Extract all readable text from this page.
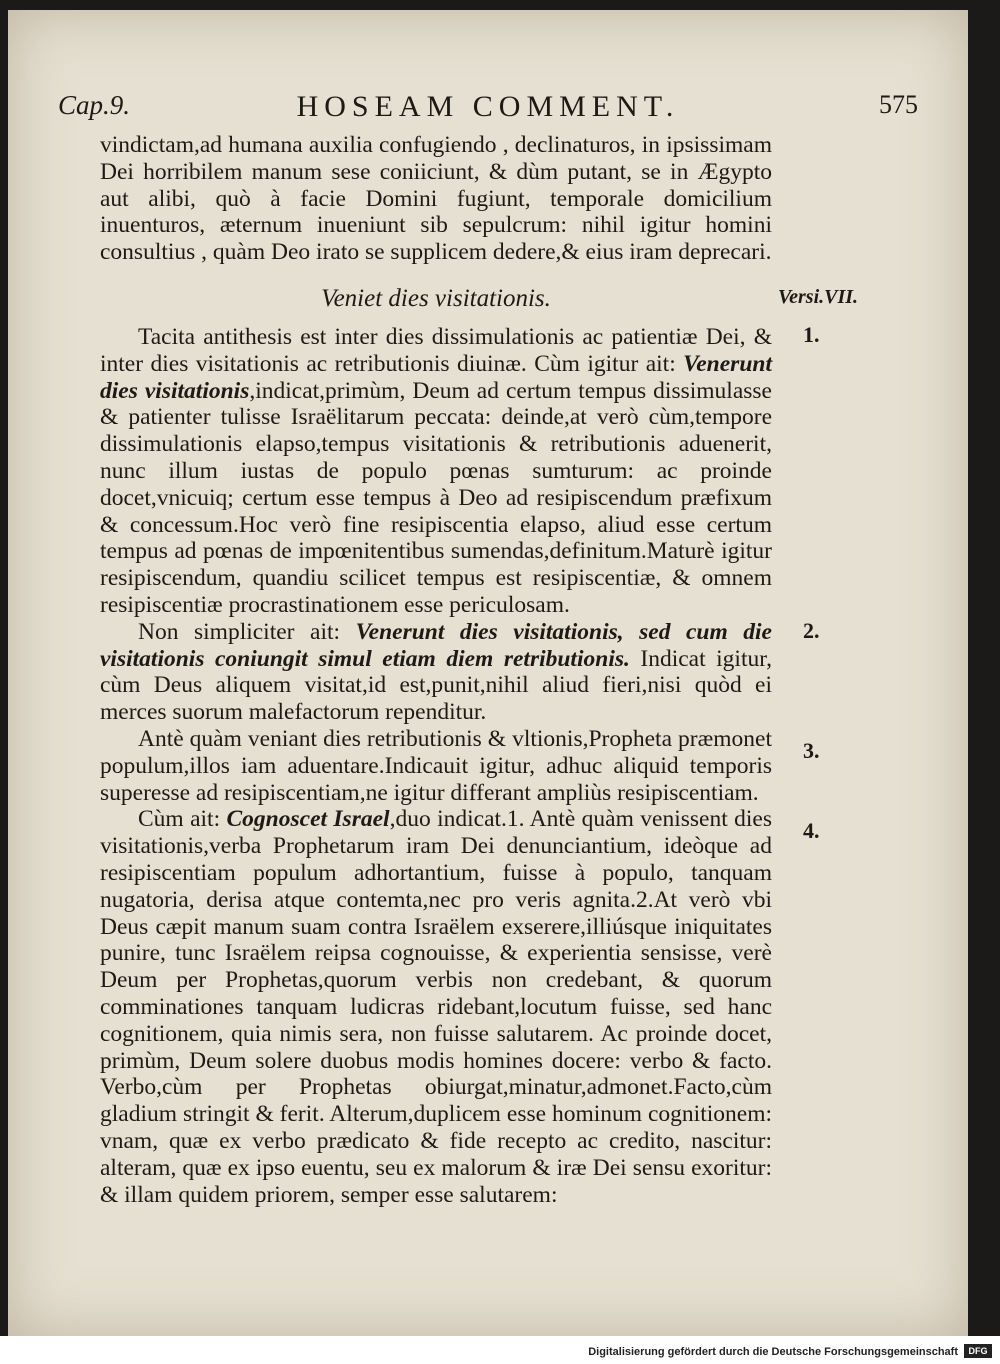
Cap.9.	HOSEAM COMMENT.	575

vindictam,ad humana auxilia confugiendo , declinaturos, in ipsissimam Dei horribilem manum sese coniiciunt, & dùm putant, se in Ægypto aut alibi, quò à facie Domini fugiunt, temporale domicilium inuenturos, æternum inueniunt sib sepulcrum: nihil igitur homini consultius , quàm Deo irato se supplicem dedere,& eius iram deprecari.

Veniet dies visitationis.	Versi.VII.
1.
2.
3.
4.

Tacita antithesis est inter dies dissimulationis ac patientiæ Dei, & inter dies visitationis ac retributionis diuinæ. Cùm igitur ait: Venerunt dies visitationis,indicat,primùm, Deum ad certum tempus dissimulasse & patienter tulisse Israëlitarum peccata: deinde,at verò cùm,tempore dissimulationis elapso,tempus visitationis & retributionis aduenerit, nunc illum iustas de populo pœnas sumturum: ac proinde docet,vnicuiq; certum esse tempus à Deo ad resipiscendum præfixum & concessum.Hoc verò fine resipiscentia elapso, aliud esse certum tempus ad pœnas de impœnitentibus sumendas,definitum.Maturè igitur resipiscendum, quandiu scilicet tempus est resipiscentiæ, & omnem resipiscentiæ procrastinationem esse periculosam.

Non simpliciter ait: Venerunt dies visitationis, sed cum die visitationis coniungit simul etiam diem retributionis. Indicat igitur, cùm Deus aliquem visitat,id est,punit,nihil aliud fieri,nisi quòd ei merces suorum malefactorum rependitur.

Antè quàm veniant dies retributionis & vltionis,Propheta præmonet populum,illos iam aduentare.Indicauit igitur, adhuc aliquid temporis superesse ad resipiscentiam,ne igitur differant ampliùs resipiscentiam.

Cùm ait: Cognoscet Israel,duo indicat.1. Antè quàm venissent dies visitationis,verba Prophetarum iram Dei denunciantium, ideòque ad resipiscentiam populum adhortantium, fuisse à populo, tanquam nugatoria, derisa atque contemta,nec pro veris agnita.2.At verò vbi Deus cæpit manum suam contra Israëlem exserere,illiúsque iniquitates punire, tunc Israëlem reipsa cognouisse, & experientia sensisse, verè Deum per Prophetas,quorum verbis non credebant, & quorum comminationes tanquam ludicras ridebant,locutum fuisse, sed hanc cognitionem, quia nimis sera, non fuisse salutarem. Ac proinde docet, primùm, Deum solere duobus modis homines docere: verbo & facto. Verbo,cùm per Prophetas obiurgat,minatur,admonet.Facto,cùm gladium stringit & ferit. Alterum,duplicem esse hominum cognitionem: vnam, quæ ex verbo prædicato & fide recepto ac credito, nascitur: alteram, quæ ex ipso euentu, seu ex malorum & iræ Dei sensu exoritur: & illam quidem priorem, semper esse salutarem:

Digitalisierung gefördert durch die Deutsche Forschungsgemeinschaft	DFG
